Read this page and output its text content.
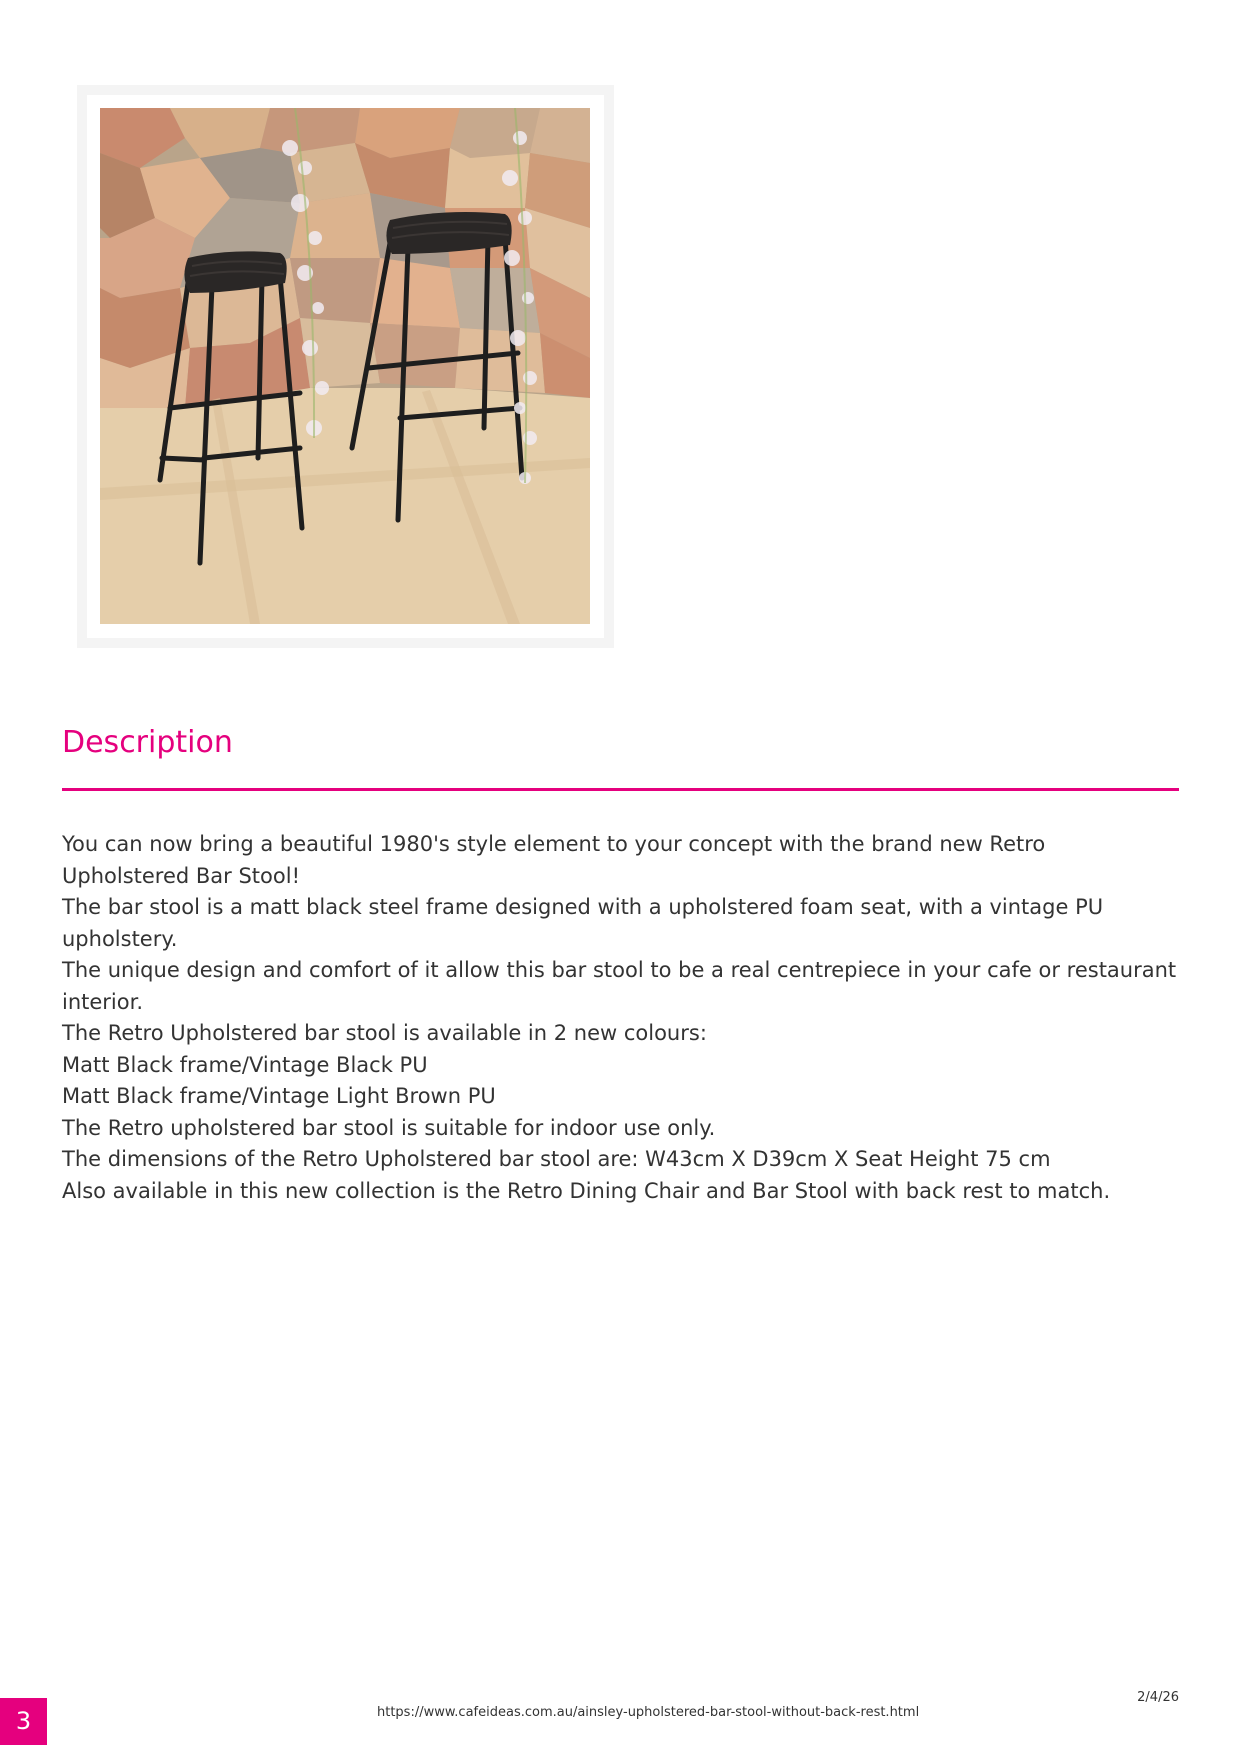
Description

You can now bring a beautiful 1980's style element to your concept with the brand new Retro Upholstered Bar Stool!

The bar stool is a matt black steel frame designed with a upholstered foam seat, with a vintage PU upholstery.

The unique design and comfort of it allow this bar stool to be a real centrepiece in your cafe or restaurant interior.

The Retro Upholstered bar stool is available in 2 new colours:

Matt Black frame/Vintage Black PU

Matt Black frame/Vintage Light Brown PU

The Retro upholstered bar stool is suitable for indoor use only.

The dimensions of the Retro Upholstered bar stool are: W43cm X D39cm X Seat Height 75 cm

Also available in this new collection is the Retro Dining Chair and Bar Stool with back rest to match.

3	https://www.cafeideas.com.au/ainsley-upholstered-bar-stool-without-back-rest.html
2/4/26
